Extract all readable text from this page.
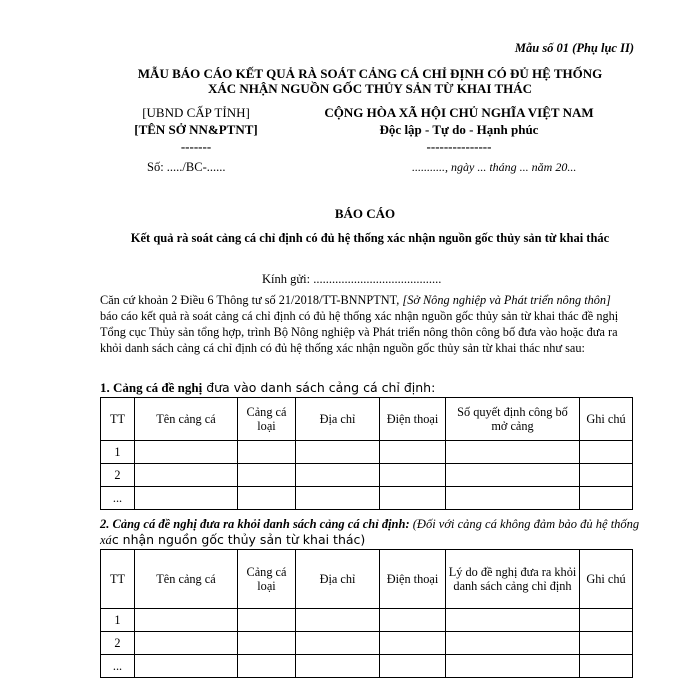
Mẫu số 01 (Phụ lục II)
MẪU BÁO CÁO KẾT QUẢ RÀ SOÁT CẢNG CÁ CHỈ ĐỊNH CÓ ĐỦ HỆ THỐNG
XÁC NHẬN NGUỒN GỐC THỦY SẢN TỪ KHAI THÁC
[UBND CẤP TỈNH]
[TÊN SỞ NN&PTNT]
-------
CỘNG HÒA XÃ HỘI CHỦ NGHĨA VIỆT NAM
Độc lập - Tự do - Hạnh phúc
---------------
Số: ...../BC-......	..........., ngày ... tháng ... năm 20...
BÁO CÁO
Kết quả rà soát cảng cá chỉ định có đủ hệ thống xác nhận nguồn gốc thủy sản từ khai thác
Kính gửi: .........................................
Căn cứ khoản 2 Điều 6 Thông tư số 21/2018/TT-BNNPTNT, [Sở Nông nghiệp và Phát triển nông thôn] báo cáo kết quả rà soát cảng cá chỉ định có đủ hệ thống xác nhận nguồn gốc thủy sản từ khai thác đề nghị Tổng cục Thủy sản tổng hợp, trình Bộ Nông nghiệp và Phát triển nông thôn công bố đưa vào hoặc đưa ra khỏi danh sách cảng cá chỉ định có đủ hệ thống xác nhận nguồn gốc thủy sản từ khai thác như sau:
1. Cảng cá đề nghị đưa vào danh sách cảng cá chỉ định:
TT	Tên cảng cá	Cảng cá loại	Địa chỉ	Điện thoại	Số quyết định công bố mở cảng	Ghi chú
1						
2						
...						
2. Cảng cá đề nghị đưa ra khỏi danh sách cảng cá chỉ định: (Đối với cảng cá không đảm bảo đủ hệ thống xác nhận nguồn gốc thủy sản từ khai thác)
TT	Tên cảng cá	Cảng cá loại	Địa chỉ	Điện thoại	Lý do đề nghị đưa ra khỏi danh sách cảng chỉ định	Ghi chú
1						
2						
...						
